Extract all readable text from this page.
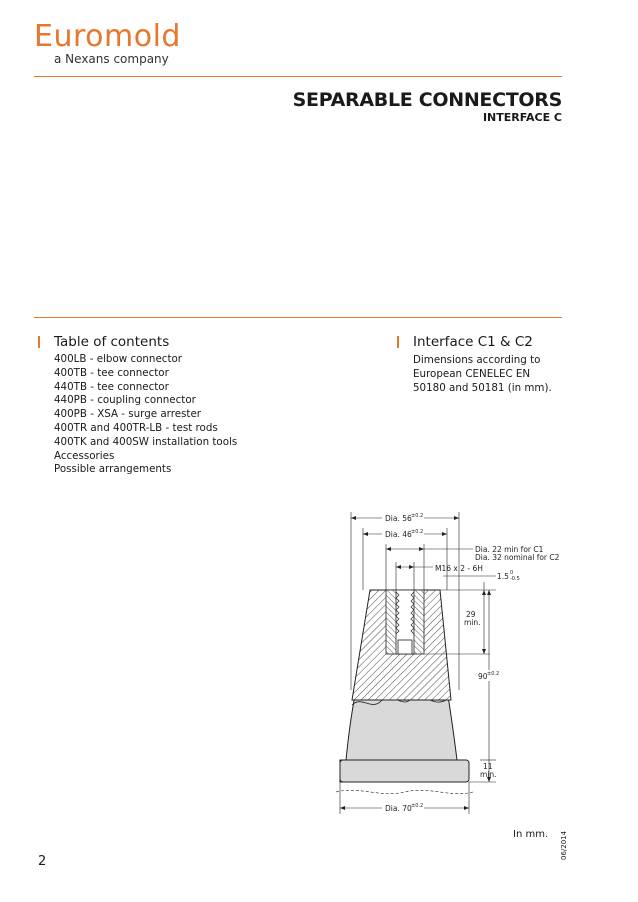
Euromold
a Nexans company
SEPARABLE CONNECTORS
INTERFACE C
Table of contents
400LB - elbow connector
400TB - tee connector
440TB - tee connector
440PB - coupling connector
400PB - XSA - surge arrester
400TR and 400TR-LB - test rods
400TK and 400SW installation tools
Accessories
Possible arrangements
Interface C1 & C2
Dimensions according to European CENELEC EN 50180 and 50181 (in mm).
Dia. 56 ±0.2
Dia. 46 ±0.2
Dia. 22 min for C1
Dia. 32 nominal for C2
M16 x 2 - 6H
1.5 0
-0.5
29
min.
90 ±0.2
11
min.
Dia. 70 ±0.2
In mm.
2
06/2014
